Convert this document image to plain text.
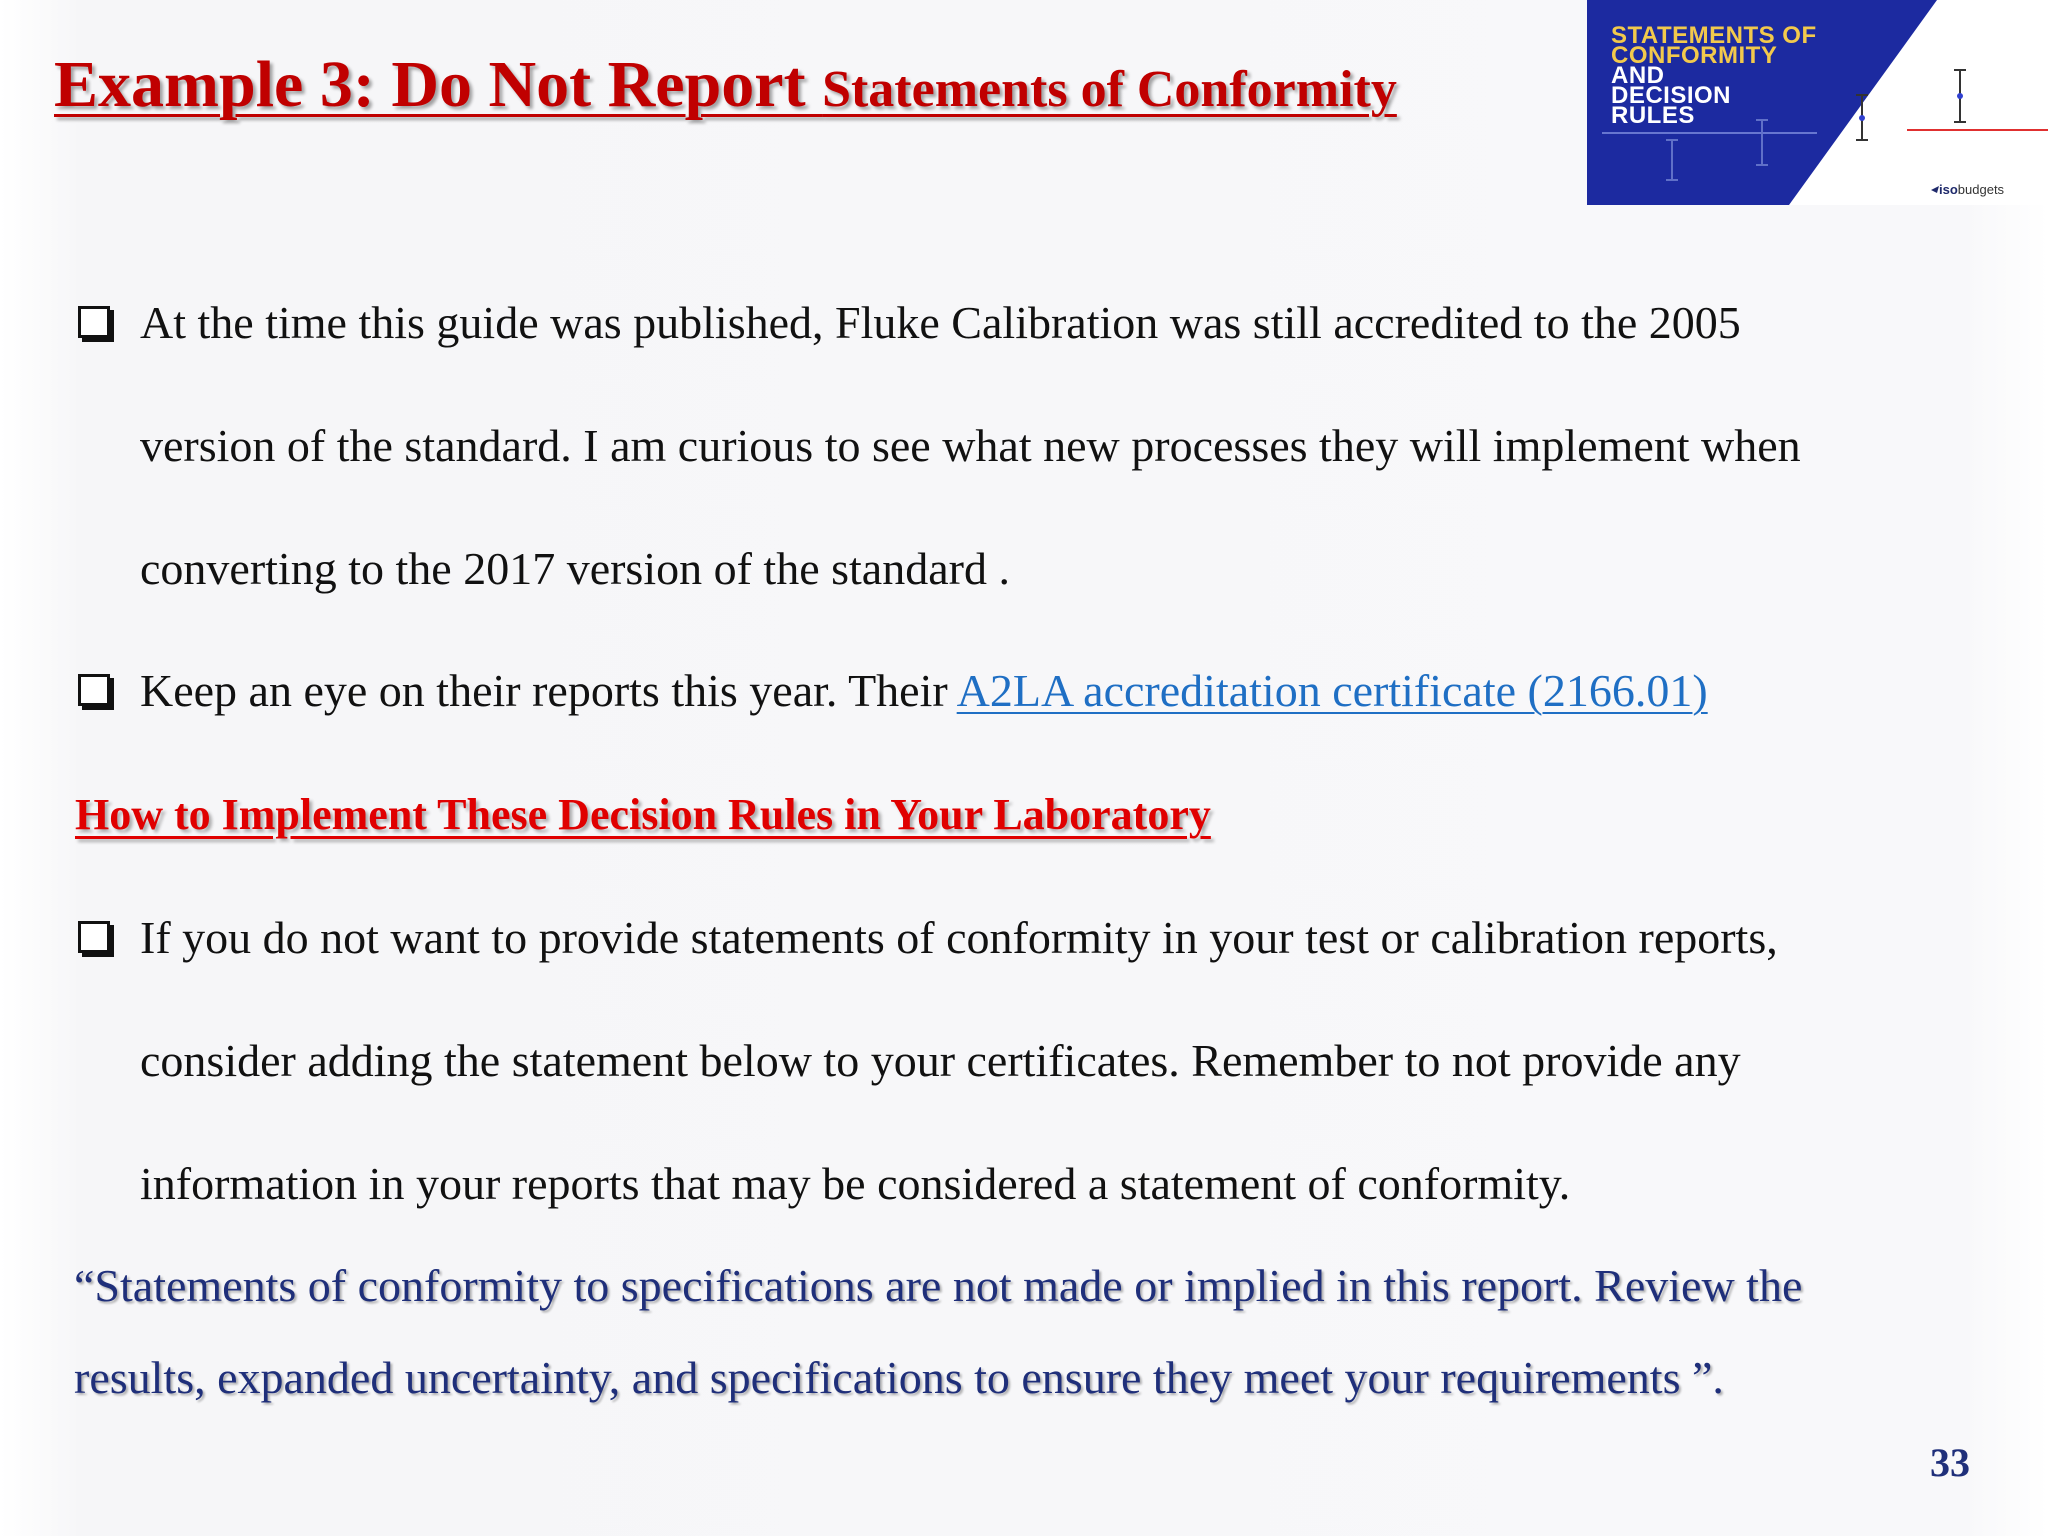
Example 3: Do Not Report Statements of Conformity
STATEMENTS OF
CONFORMITY
AND
DECISION
RULES
isobudgets
At the time this guide was published, Fluke Calibration was still accredited to the 2005
version of the standard. I am curious to see what new processes they will implement when
converting to the 2017 version of the standard .
Keep an eye on their reports this year. Their A2LA accreditation certificate (2166.01)
How to Implement These Decision Rules in Your Laboratory
If you do not want to provide statements of conformity in your test or calibration reports,
consider adding the statement below to your certificates. Remember to not provide any
information in your reports that may be considered a statement of conformity.
“Statements of conformity to specifications are not made or implied in this report. Review the
results, expanded uncertainty, and specifications to ensure they meet your requirements ”.
33
